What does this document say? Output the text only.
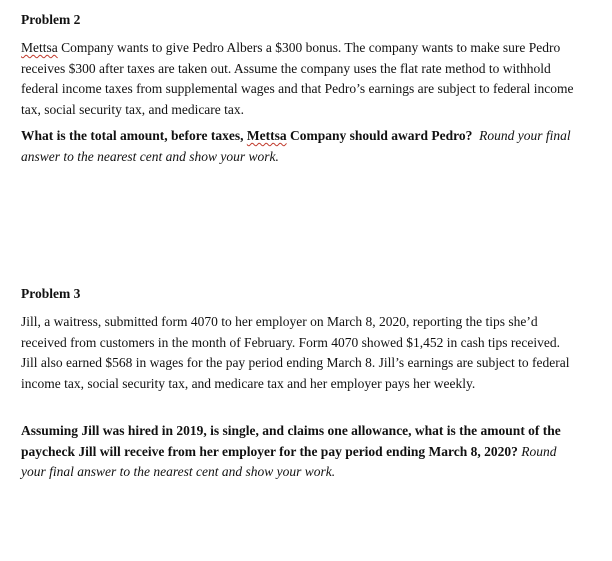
Problem 2

Mettsa Company wants to give Pedro Albers a $300 bonus. The company wants to make sure Pedro receives $300 after taxes are taken out. Assume the company uses the flat rate method to withhold federal income taxes from supplemental wages and that Pedro’s earnings are subject to federal income tax, social security tax, and medicare tax.

What is the total amount, before taxes, Mettsa Company should award Pedro? Round your final answer to the nearest cent and show your work.

Problem 3

Jill, a waitress, submitted form 4070 to her employer on March 8, 2020, reporting the tips she’d received from customers in the month of February. Form 4070 showed $1,452 in cash tips received. Jill also earned $568 in wages for the pay period ending March 8. Jill’s earnings are subject to federal income tax, social security tax, and medicare tax and her employer pays her weekly.

Assuming Jill was hired in 2019, is single, and claims one allowance, what is the amount of the paycheck Jill will receive from her employer for the pay period ending March 8, 2020? Round your final answer to the nearest cent and show your work.
